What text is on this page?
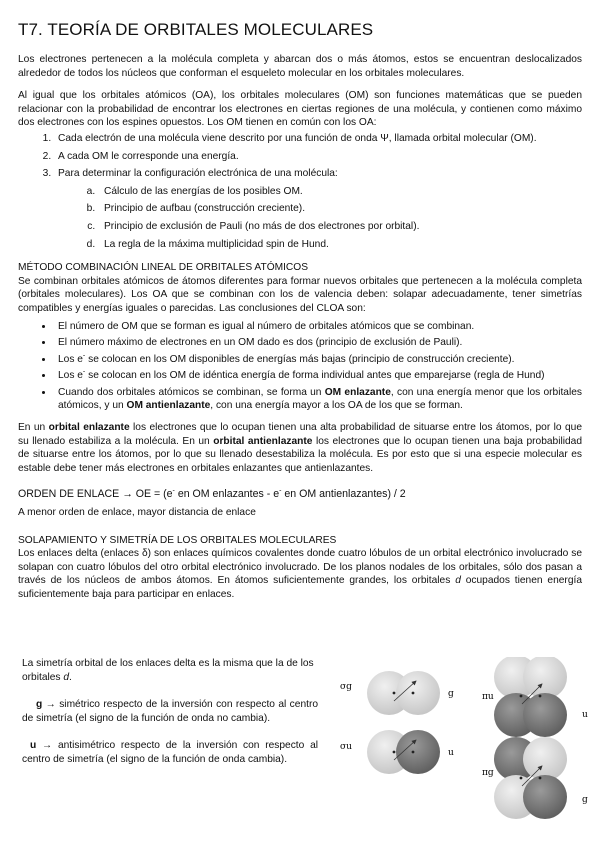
T7. TEORÍA DE ORBITALES MOLECULARES

Los electrones pertenecen a la molécula completa y abarcan dos o más átomos, estos se encuentran deslocalizados alrededor de todos los núcleos que conforman el esqueleto molecular en los orbitales moleculares.

Al igual que los orbitales atómicos (OA), los orbitales moleculares (OM) son funciones matemáticas que se pueden relacionar con la probabilidad de encontrar los electrones en ciertas regiones de una molécula, y contienen como máximo dos electrones con los espines opuestos. Los OM tienen en común con los OA:

1. Cada electrón de una molécula viene descrito por una función de onda Ψ, llamada orbital molecular (OM).
2. A cada OM le corresponde una energía.
3. Para determinar la configuración electrónica de una molécula:
a. Cálculo de las energías de los posibles OM.
b. Principio de aufbau (construcción creciente).
c. Principio de exclusión de Pauli (no más de dos electrones por orbital).
d. La regla de la máxima multiplicidad spin de Hund.
MÉTODO COMBINACIÓN LINEAL DE ORBITALES ATÓMICOS

Se combinan orbitales atómicos de átomos diferentes para formar nuevos orbitales que pertenecen a la molécula completa (orbitales moleculares). Los OA que se combinan con los de valencia deben: solapar adecuadamente, tener simetrías compatibles y energías iguales o parecidas. Las conclusiones del CLOA son:

• El número de OM que se forman es igual al número de orbitales atómicos que se combinan.
• El número máximo de electrones en un OM dado es dos (principio de exclusión de Pauli).
• Los e- se colocan en los OM disponibles de energías más bajas (principio de construcción creciente).
• Los e- se colocan en los OM de idéntica energía de forma individual antes que emparejarse (regla de Hund)
• Cuando dos orbitales atómicos se combinan, se forma un OM enlazante, con una energía menor que los orbitales atómicos, y un OM antienlazante, con una energía mayor a los OA de los que se forman.

En un orbital enlazante los electrones que lo ocupan tienen una alta probabilidad de situarse entre los átomos, por lo que su llenado estabiliza a la molécula. En un orbital antienlazante los electrones que lo ocupan tienen una baja probabilidad de situarse entre los átomos, por lo que su llenado desestabiliza la molécula. Es por esto que si una especie molecular es estable debe tener más electrones en orbitales enlazantes que antienlazantes.

ORDEN DE ENLACE → OE = (e- en OM enlazantes - e- en OM antienlazantes) / 2
A menor orden de enlace, mayor distancia de enlace
SOLAPAMIENTO Y SIMETRÍA DE LOS ORBITALES MOLECULARES

Los enlaces delta (enlaces δ) son enlaces químicos covalentes donde cuatro lóbulos de un orbital electrónico involucrado se solapan con cuatro lóbulos del otro orbital electrónico involucrado. De los planos nodales de los orbitales, sólo dos pasan a través de los núcleos de ambos átomos. En átomos suficientemente grandes, los orbitales d ocupados tienen energía suficientemente baja para participar en enlaces.

La simetría orbital de los enlaces delta es la misma que la de los orbitales d.

g → simétrico respecto de la inversión con respecto al centro de simetría (el signo de la función de onda no cambia).

u → antisimétrico respecto de la inversión con respecto al centro de simetría (el signo de la función de onda cambia).

σg
g
σu
u
πu
u
πg
g
